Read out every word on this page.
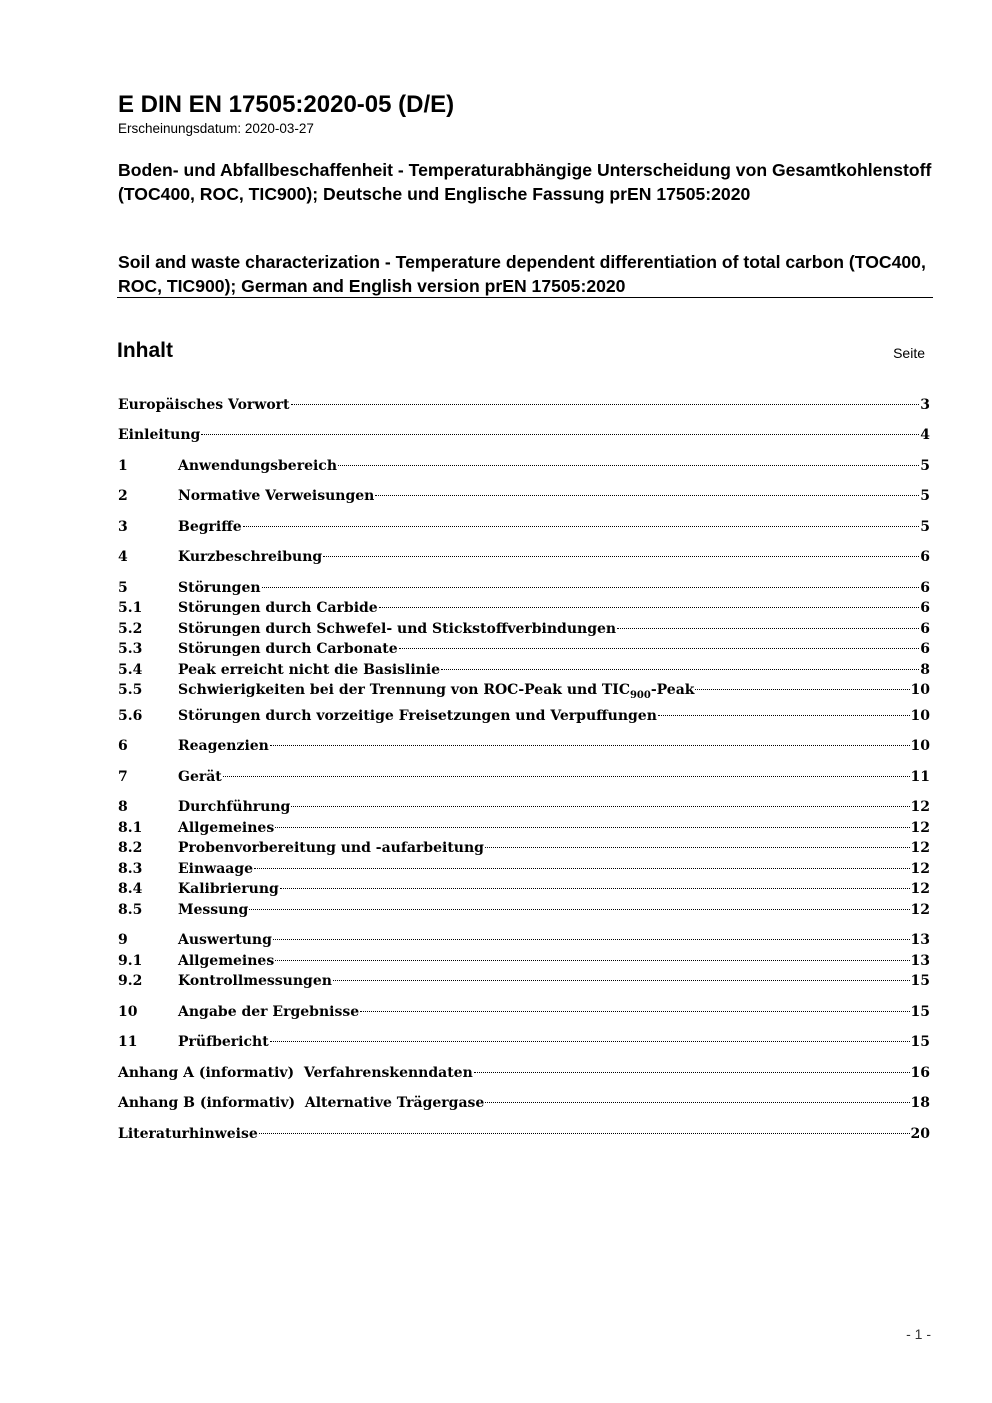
E DIN EN 17505:2020-05 (D/E)

Erscheinungsdatum: 2020-03-27

Boden- und Abfallbeschaffenheit - Temperaturabhängige Unterscheidung von Gesamtkohlenstoff (TOC400, ROC, TIC900); Deutsche und Englische Fassung prEN 17505:2020

Soil and waste characterization - Temperature dependent differentiation of total carbon (TOC400, ROC, TIC900); German and English version prEN 17505:2020

Inhalt	Seite
Europäisches Vorwort	3
Einleitung	4
1	Anwendungsbereich	5
2	Normative Verweisungen	5
3	Begriffe	5
4	Kurzbeschreibung	6
5	Störungen	6
5.1	Störungen durch Carbide	6
5.2	Störungen durch Schwefel- und Stickstoffverbindungen	6
5.3	Störungen durch Carbonate	6
5.4	Peak erreicht nicht die Basislinie	8
5.5	Schwierigkeiten bei der Trennung von ROC-Peak und $TIC_{900}$-Peak	10
5.6	Störungen durch vorzeitige Freisetzungen und Verpuffungen	10
6	Reagenzien	10
7	Gerät	11
8	Durchführung	12
8.1	Allgemeines	12
8.2	Probenvorbereitung und -aufarbeitung	12
8.3	Einwaage	12
8.4	Kalibrierung	12
8.5	Messung	12
9	Auswertung	13
9.1	Allgemeines	13
9.2	Kontrollmessungen	15
10	Angabe der Ergebnisse	15
11	Prüfbericht	15
Anhang A (informativ)  Verfahrenskenndaten	16
Anhang B (informativ)  Alternative Trägergase	18
Literaturhinweise	20
- 1 -
